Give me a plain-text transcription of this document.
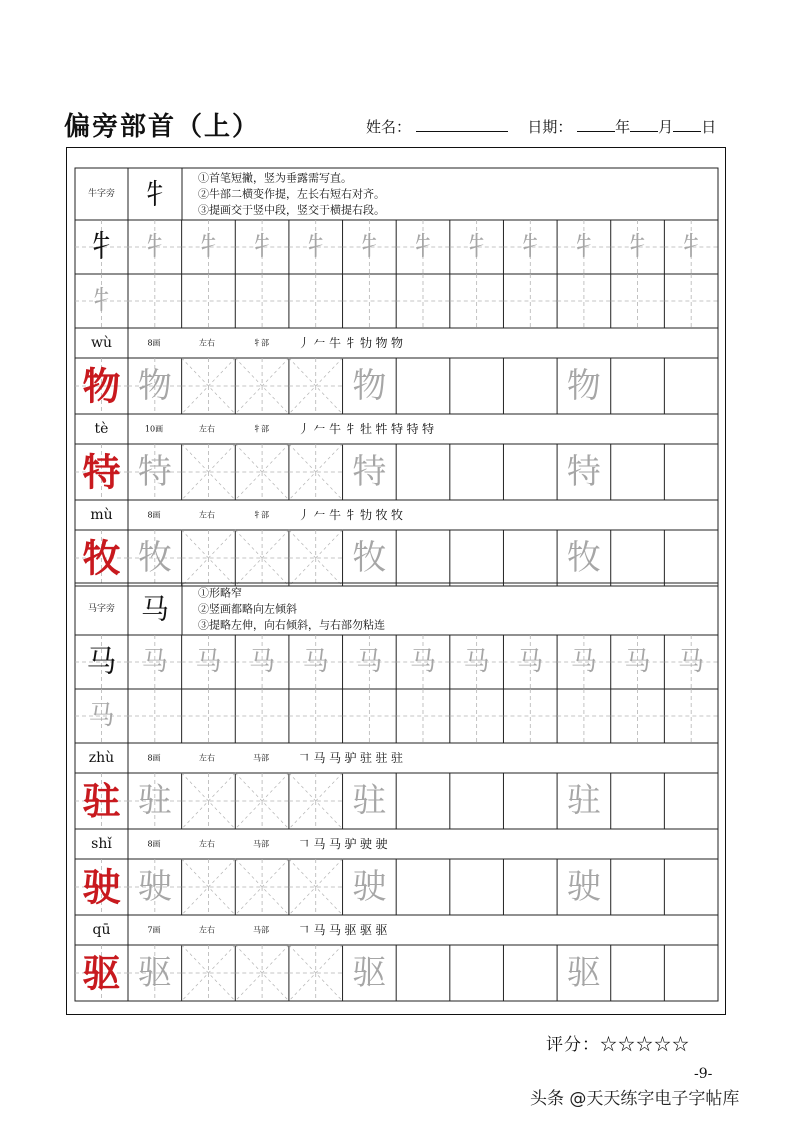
偏旁部首（上）	姓名：	日期：	年 月 日
牛字旁 牜	①首笔短撇，竖为垂露需写直。
②牛部二横变作提，左长右短右对齐。
③提画交于竖中段，竖交于横提右段。
牜 牜 牜 牜 牜 牜 牜 牜 牜 牜 牜 牜
牜
wù	8画	左右	牜部 丿 𠂉 牛 牜 牞 物 物
物 物	物	物
tè	10画	左右	牜部 丿 𠂉 牛 牜 牡 牪 特 特 特
特 特	特	特
mù	8画	左右	牜部 丿 𠂉 牛 牜 牞 牧 牧
牧 牧	牧	牧
马字旁 马	①形略窄
②竖画都略向左倾斜
③提略左伸，向右倾斜，与右部勿粘连
马 马 马 马 马 马 马 马 马 马 马 马
马
zhù	8画	左右	马部 𠃍 马 马 驴 驻 驻 驻
驻 驻	驻	驻
shǐ	8画	左右	马部 𠃍 马 马 驴 驶 驶
驶 驶	驶	驶
qū	7画	左右	马部 𠃍 马 马 驱 驱 驱
驱 驱	驱	驱
评分：☆☆☆☆☆
-9-
头条 @天天练字电子字帖库
